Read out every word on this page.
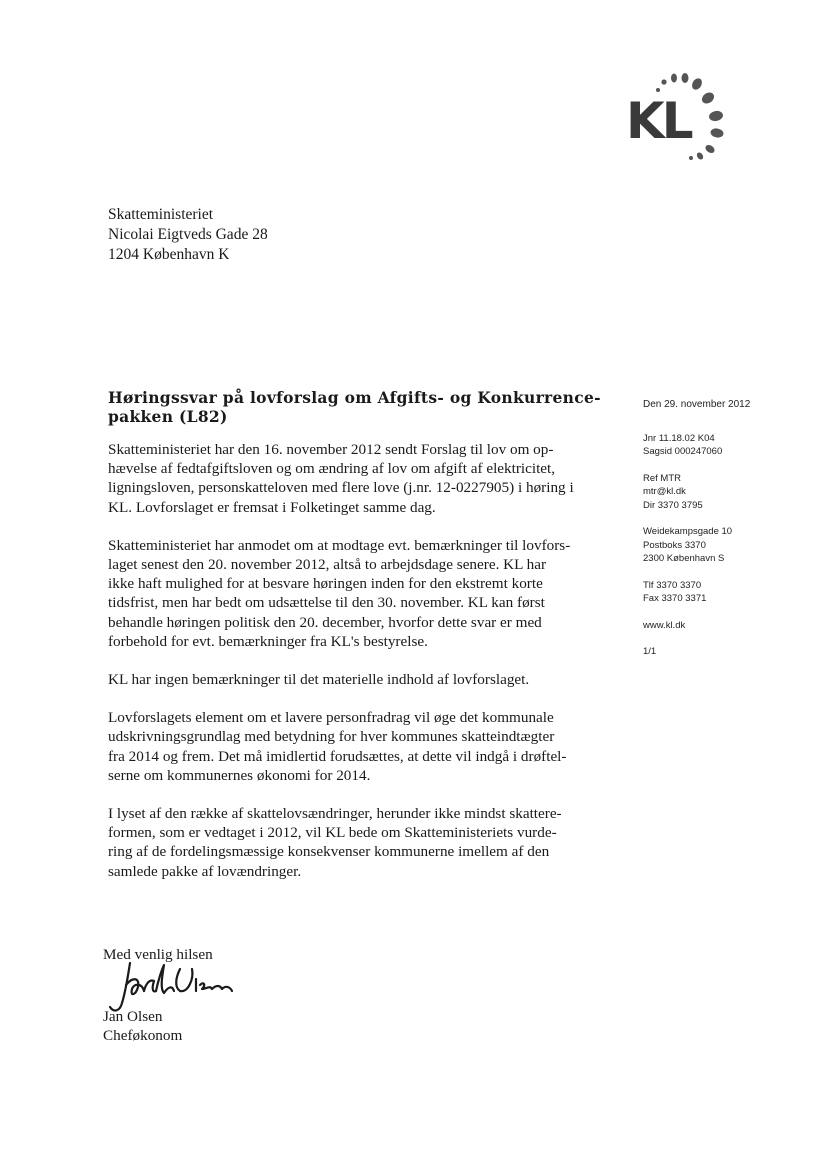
KL
Skatteministeriet
Nicolai Eigtveds Gade 28
1204 København K
Høringssvar på lovforslag om Afgifts- og Konkurrence-
pakken (L82)

Skatteministeriet har den 16. november 2012 sendt Forslag til lov om op-
hævelse af fedtafgiftsloven og om ændring af lov om afgift af elektricitet,
ligningsloven, personskatteloven med flere love (j.nr. 12-0227905) i høring i
KL. Lovforslaget er fremsat i Folketinget samme dag.

Skatteministeriet har anmodet om at modtage evt. bemærkninger til lovfors-
laget senest den 20. november 2012, altså to arbejdsdage senere. KL har
ikke haft mulighed for at besvare høringen inden for den ekstremt korte
tidsfrist, men har bedt om udsættelse til den 30. november. KL kan først
behandle høringen politisk den 20. december, hvorfor dette svar er med
forbehold for evt. bemærkninger fra KL's bestyrelse.

KL har ingen bemærkninger til det materielle indhold af lovforslaget.

Lovforslagets element om et lavere personfradrag vil øge det kommunale
udskrivningsgrundlag med betydning for hver kommunes skatteindtægter
fra 2014 og frem. Det må imidlertid forudsættes, at dette vil indgå i drøftel-
serne om kommunernes økonomi for 2014.

I lyset af den række af skattelovsændringer, herunder ikke mindst skattere-
formen, som er vedtaget i 2012, vil KL bede om Skatteministeriets vurde-
ring af de fordelingsmæssige konsekvenser kommunerne imellem af den
samlede pakke af lovændringer.

Den 29. november 2012
Jnr 11.18.02 K04
Sagsid 000247060
Ref MTR
mtr@kl.dk
Dir 3370 3795
Weidekampsgade 10
Postboks 3370
2300 København S
Tlf 3370 3370
Fax 3370 3371
www.kl.dk
1/1
Med venlig hilsen
Jan Olsen
Cheføkonom
